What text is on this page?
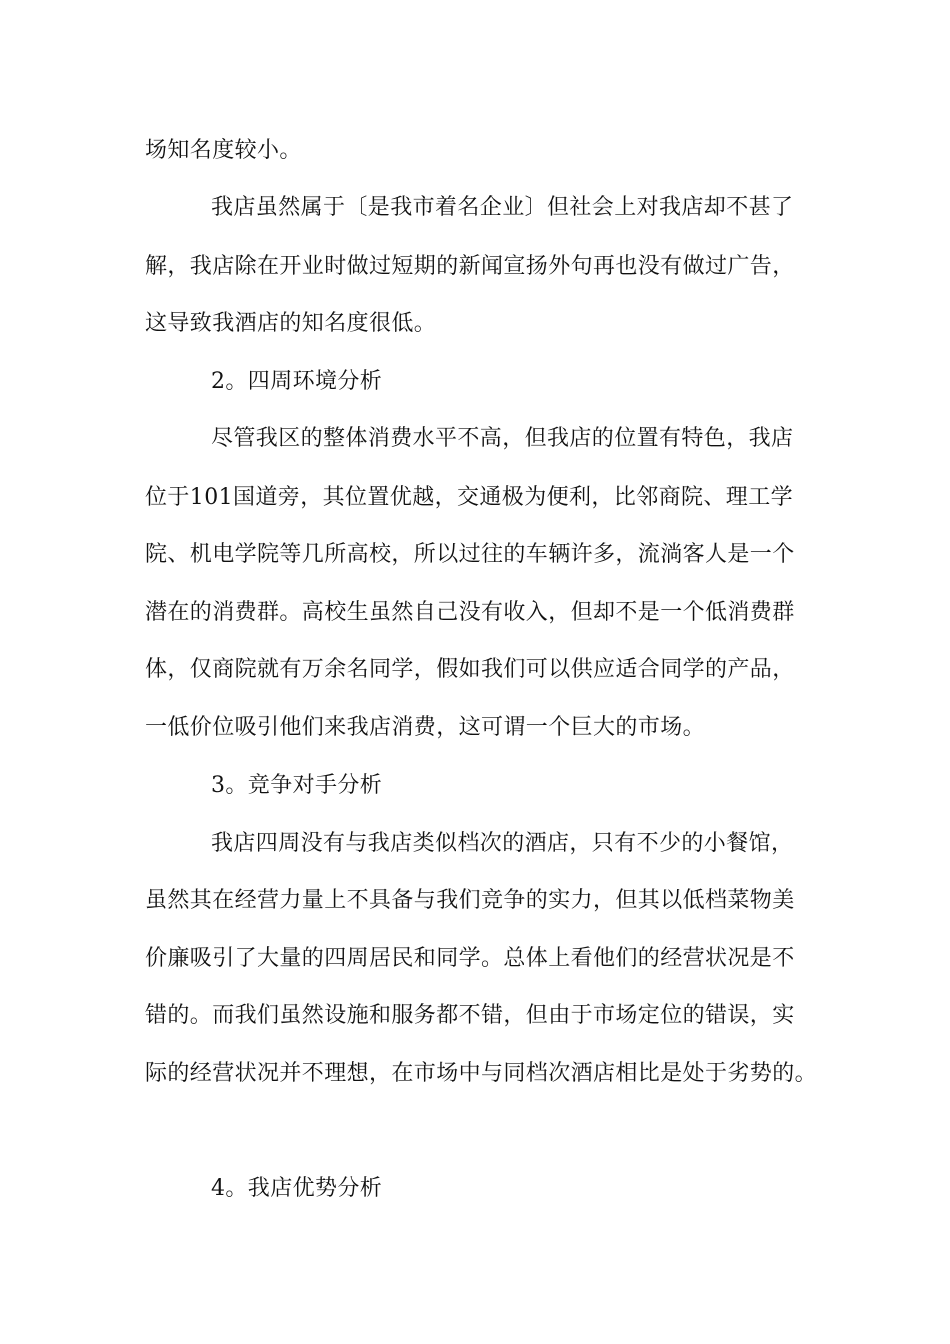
场知名度较小。
我店虽然属于〔是我市着名企业〕但社会上对我店却不甚了
解，我店除在开业时做过短期的新闻宣扬外句再也没有做过广告，
这导致我酒店的知名度很低。
2。四周环境分析
尽管我区的整体消费水平不高，但我店的位置有特色，我店
位于101国道旁，其位置优越，交通极为便利，比邻商院、理工学
院、机电学院等几所高校，所以过往的车辆许多，流淌客人是一个
潜在的消费群。高校生虽然自己没有收入，但却不是一个低消费群
体，仅商院就有万余名同学，假如我们可以供应适合同学的产品，
一低价位吸引他们来我店消费，这可谓一个巨大的市场。
3。竞争对手分析
我店四周没有与我店类似档次的酒店，只有不少的小餐馆，
虽然其在经营力量上不具备与我们竞争的实力，但其以低档菜物美
价廉吸引了大量的四周居民和同学。总体上看他们的经营状况是不
错的。而我们虽然设施和服务都不错，但由于市场定位的错误，实
际的经营状况并不理想，在市场中与同档次酒店相比是处于劣势的。
4。我店优势分析
